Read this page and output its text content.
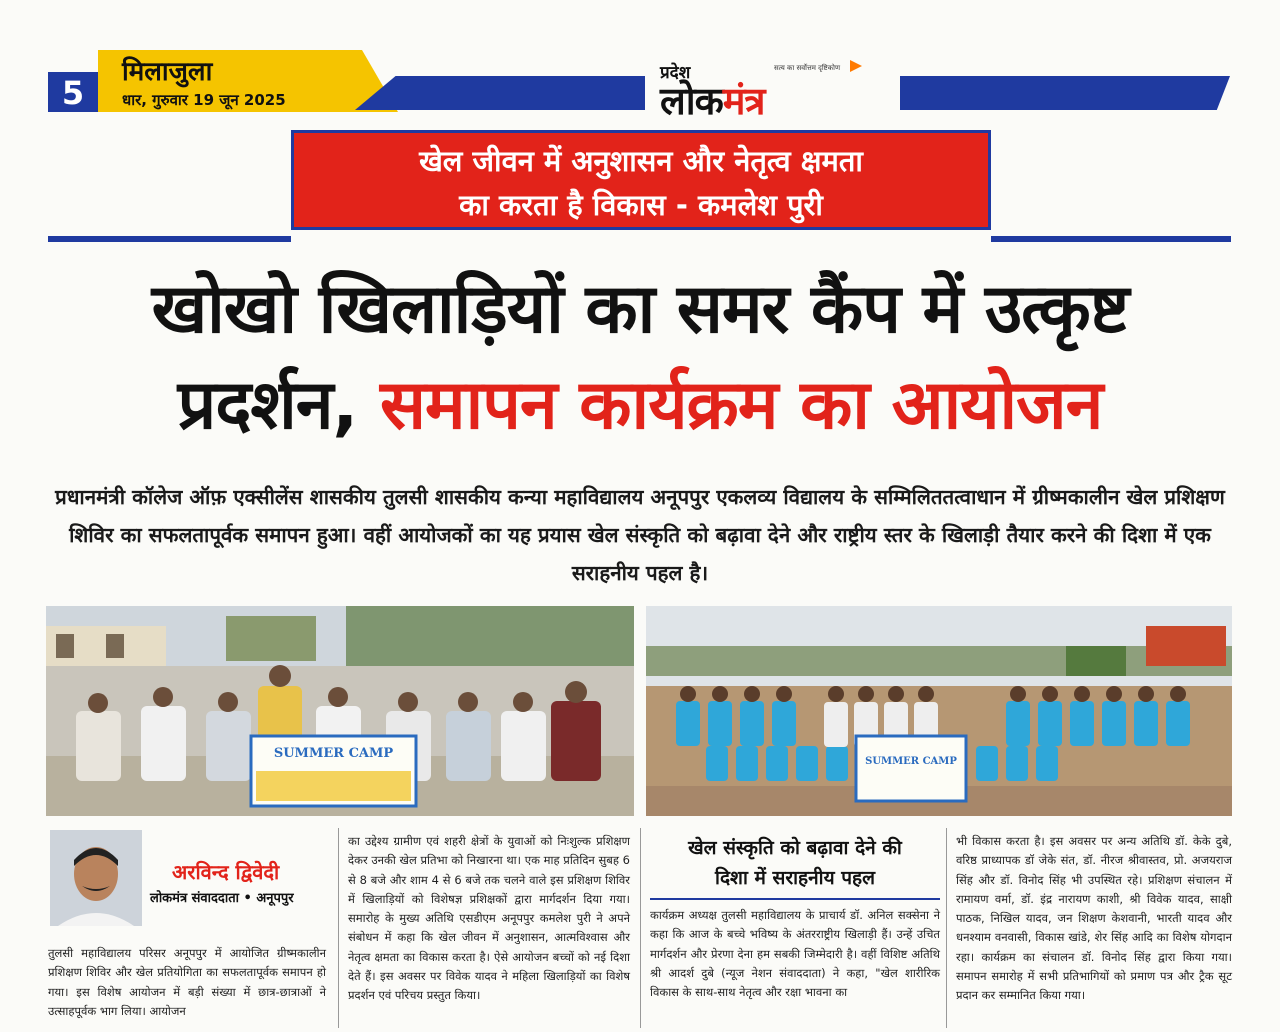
5
मिलाजुला
धार, गुरुवार 19 जून 2025
प्रदेश	सत्य का सर्वोत्तम दृष्टिकोण
लोकमंत्र
खेल जीवन में अनुशासन और नेतृत्व क्षमता
का करता है विकास - कमलेश पुरी
खोखो खिलाड़ियों का समर कैंप में उत्कृष्ट
प्रदर्शन, समापन कार्यक्रम का आयोजन
प्रधानमंत्री कॉलेज ऑफ़ एक्सीलेंस शासकीय तुलसी शासकीय कन्या महाविद्यालय अनूपपुर एकलव्य विद्यालय के सम्मिलिततत्वाधान में ग्रीष्मकालीन खेल प्रशिक्षण शिविर का सफलतापूर्वक समापन हुआ। वहीं आयोजकों का यह प्रयास खेल संस्कृति को बढ़ावा देने और राष्ट्रीय स्तर के खिलाड़ी तैयार करने की दिशा में एक सराहनीय पहल है।
SUMMER CAMP
SUMMER CAMP
अरविन्द द्विवेदी
लोकमंत्र संवाददाता • अनूपपुर
तुलसी महाविद्यालय परिसर अनूपपुर में आयोजित ग्रीष्मकालीन प्रशिक्षण शिविर और खेल प्रतियोगिता का सफलतापूर्वक समापन हो गया। इस विशेष आयोजन में बड़ी संख्या में छात्र-छात्राओं ने उत्साहपूर्वक भाग लिया। आयोजन
का उद्देश्य ग्रामीण एवं शहरी क्षेत्रों के युवाओं को निःशुल्क प्रशिक्षण देकर उनकी खेल प्रतिभा को निखारना था। एक माह प्रतिदिन सुबह 6 से 8 बजे और शाम 4 से 6 बजे तक चलने वाले इस प्रशिक्षण शिविर में खिलाड़ियों को विशेषज्ञ प्रशिक्षकों द्वारा मार्गदर्शन दिया गया। समारोह के मुख्य अतिथि एसडीएम अनूपपुर कमलेश पुरी ने अपने संबोधन में कहा कि खेल जीवन में अनुशासन, आत्मविश्वास और नेतृत्व क्षमता का विकास करता है। ऐसे आयोजन बच्चों को नई दिशा देते हैं। इस अवसर पर विवेक यादव ने महिला खिलाड़ियों का विशेष प्रदर्शन एवं परिचय प्रस्तुत किया।
खेल संस्कृति को बढ़ावा देने की
दिशा में सराहनीय पहल
कार्यक्रम अध्यक्ष तुलसी महाविद्यालय के प्राचार्य डॉ. अनिल सक्सेना ने कहा कि आज के बच्चे भविष्य के अंतरराष्ट्रीय खिलाड़ी हैं। उन्हें उचित मार्गदर्शन और प्रेरणा देना हम सबकी जिम्मेदारी है। वहीं विशिष्ट अतिथि श्री आदर्श दुबे (न्यूज नेशन संवाददाता) ने कहा, "खेल शारीरिक विकास के साथ-साथ नेतृत्व और रक्षा भावना का
भी विकास करता है। इस अवसर पर अन्य अतिथि डॉ. केके दुबे, वरिष्ठ प्राध्यापक डॉ जेके संत, डॉ. नीरज श्रीवास्तव, प्रो. अजयराज सिंह और डॉ. विनोद सिंह भी उपस्थित रहे। प्रशिक्षण संचालन में रामायण वर्मा, डॉ. इंद्र नारायण काशी, श्री विवेक यादव, साक्षी पाठक, निखिल यादव, जन शिक्षण केशवानी, भारती यादव और धनश्याम वनवासी, विकास खांडे, शेर सिंह आदि का विशेष योगदान रहा। कार्यक्रम का संचालन डॉ. विनोद सिंह द्वारा किया गया। समापन समारोह में सभी प्रतिभागियों को प्रमाण पत्र और ट्रैक सूट प्रदान कर सम्मानित किया गया।
